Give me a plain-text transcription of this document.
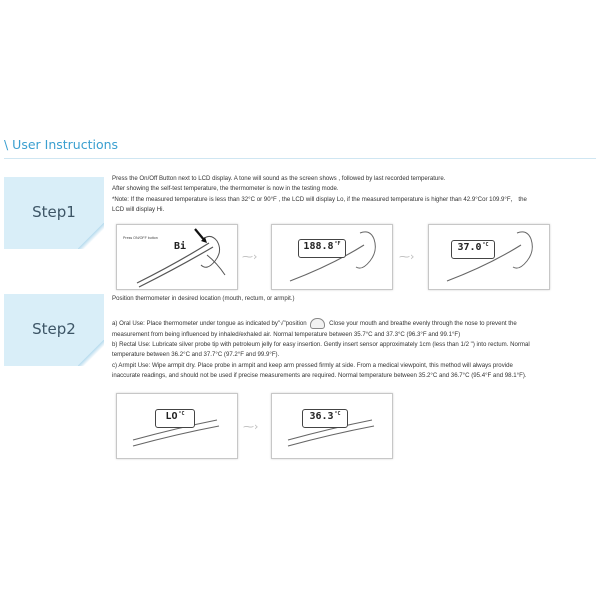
\ User Instructions
Step1

Press the On/Off Button next to LCD display. A tone will sound as the screen shows , followed by last recorded temperature.

After showing the self-test temperature, the thermometer is now in the testing mode.

*Note: If the measured temperature is less than 32°C or 90°F , the LCD will display Lo, if the measured temperature is higher than 42.9°Cor 109.9°F， the

LCD will display Hi.

Press ON/OFF button
Bi
⁓›
$188.8^{^\circ F}$
⁓›
$37.0^{^\circ C}$
Step2

Position thermometer in desired location (mouth, rectum, or armpit.)

a) Oral Use: Place thermometer under tongue as indicated by"√"position	Close your mouth and breathe evenly through the nose to prevent the

measurement from being influenced by inhaled/exhaled air. Normal temperature between 35.7°C and 37.3°C (96.3°F and 99.1°F)

b) Rectal Use: Lubricate silver probe tip with petroleum jelly for easy insertion. Gently insert sensor approximately 1cm (less than 1/2 ") into rectum. Normal

temperature between 36.2°C and 37.7°C (97.2°F and 99.9°F).

c) Armpit Use: Wipe armpit dry. Place probe in armpit and keep arm pressed firmly at side. From a medical viewpoint, this method will always provide

inaccurate readings, and should not be used if precise measurements are required. Normal temperature between 35.2°C and 36.7°C (95.4°F and 98.1°F).

$LO^{^\circ C}$
⁓›
$36.3^{^\circ C}$
